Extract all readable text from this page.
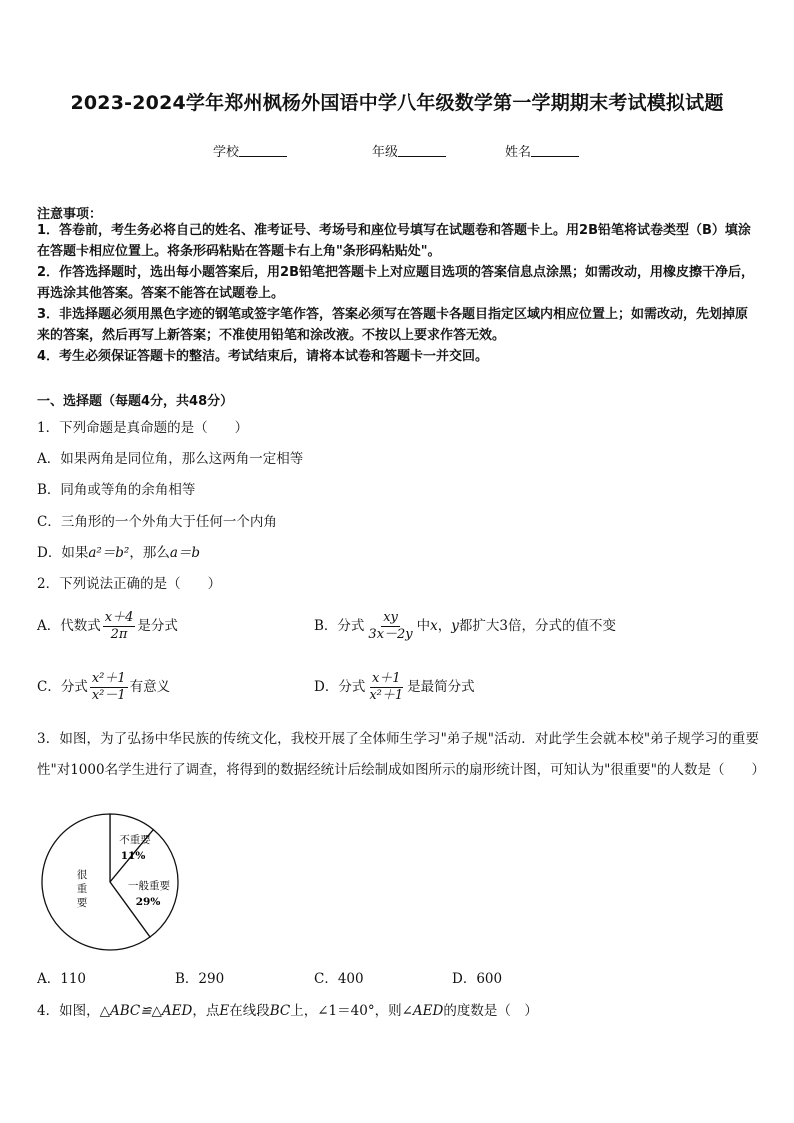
2023-2024学年郑州枫杨外国语中学八年级数学第一学期期末考试模拟试题
学校	年级	姓名
注意事项：
1．答卷前，考生务必将自己的姓名、准考证号、考场号和座位号填写在试题卷和答题卡上。用2B铅笔将试卷类型（B）填涂在答题卡相应位置上。将条形码粘贴在答题卡右上角"条形码粘贴处"。
2．作答选择题时，选出每小题答案后，用2B铅笔把答题卡上对应题目选项的答案信息点涂黑；如需改动，用橡皮擦干净后，再选涂其他答案。答案不能答在试题卷上。
3．非选择题必须用黑色字迹的钢笔或签字笔作答，答案必须写在答题卡各题目指定区域内相应位置上；如需改动，先划掉原来的答案，然后再写上新答案；不准使用铅笔和涂改液。不按以上要求作答无效。
4．考生必须保证答题卡的整洁。考试结束后，请将本试卷和答题卡一并交回。
一、选择题（每题4分，共48分）
1．下列命题是真命题的是（　　）
A．如果两角是同位角，那么这两角一定相等
B．同角或等角的余角相等
C．三角形的一个外角大于任何一个内角
D．如果a²＝b²，那么a＝b
2．下列说法正确的是（　　）
A．代数式 $\frac{x+4}{2\pi}$ 是分式	B．分式 $\frac{xy}{3x-2y}$ 中x，y都扩大3倍，分式的值不变
C．分式 $\frac{\text{x²＋1}}{\text{x²－1}}$ 有意义	D．分式 $\frac{x+1}{\text{x²＋1}}$ 是最简分式
3．如图，为了弘扬中华民族的传统文化，我校开展了全体师生学习"弟子规"活动．对此学生会就本校"弟子规学习的重要性"对1000名学生进行了调查，将得到的数据经统计后绘制成如图所示的扇形统计图，可知认为"很重要"的人数是（　　）
不重要
11%
一般重要
29%
很
重
要
A．110	B．290	C．400	D．600
4．如图，△ABC≌△AED，点E在线段BC上，∠1＝40°，则∠AED的度数是（　）
